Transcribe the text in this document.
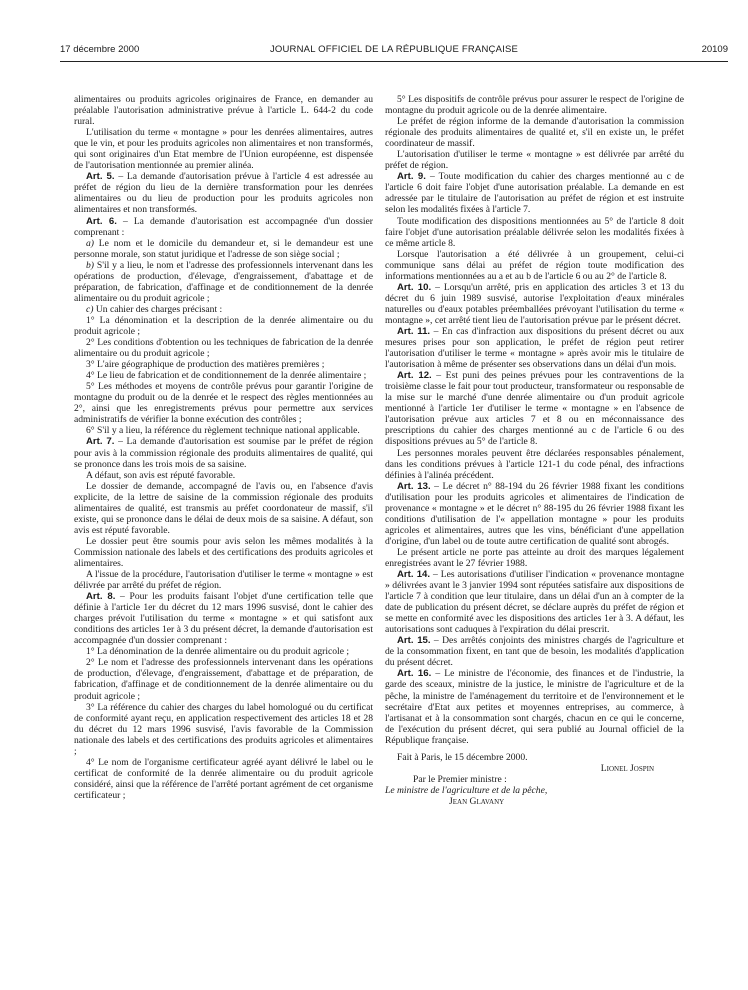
17 décembre 2000	JOURNAL OFFICIEL DE LA RÉPUBLIQUE FRANÇAISE	20109

alimentaires ou produits agricoles originaires de France, en demander au préalable l'autorisation administrative prévue à l'article L. 644-2 du code rural.

L'utilisation du terme « montagne » pour les denrées alimentaires, autres que le vin, et pour les produits agricoles non alimentaires et non transformés, qui sont originaires d'un Etat membre de l'Union européenne, est dispensée de l'autorisation mentionnée au premier alinéa.

Art. 5. – La demande d'autorisation prévue à l'article 4 est adressée au préfet de région du lieu de la dernière transformation pour les denrées alimentaires ou du lieu de production pour les produits agricoles non alimentaires et non transformés.

Art. 6. – La demande d'autorisation est accompagnée d'un dossier comprenant :

a) Le nom et le domicile du demandeur et, si le demandeur est une personne morale, son statut juridique et l'adresse de son siège social ;

b) S'il y a lieu, le nom et l'adresse des professionnels intervenant dans les opérations de production, d'élevage, d'engraissement, d'abattage et de préparation, de fabrication, d'affinage et de conditionnement de la denrée alimentaire ou du produit agricole ;

c) Un cahier des charges précisant :

1° La dénomination et la description de la denrée alimentaire ou du produit agricole ;

2° Les conditions d'obtention ou les techniques de fabrication de la denrée alimentaire ou du produit agricole ;

3° L'aire géographique de production des matières premières ;

4° Le lieu de fabrication et de conditionnement de la denrée alimentaire ;

5° Les méthodes et moyens de contrôle prévus pour garantir l'origine de montagne du produit ou de la denrée et le respect des règles mentionnées au 2°, ainsi que les enregistrements prévus pour permettre aux services administratifs de vérifier la bonne exécution des contrôles ;

6° S'il y a lieu, la référence du règlement technique national applicable.

Art. 7. – La demande d'autorisation est soumise par le préfet de région pour avis à la commission régionale des produits alimentaires de qualité, qui se prononce dans les trois mois de sa saisine.

A défaut, son avis est réputé favorable.

Le dossier de demande, accompagné de l'avis ou, en l'absence d'avis explicite, de la lettre de saisine de la commission régionale des produits alimentaires de qualité, est transmis au préfet coordonateur de massif, s'il existe, qui se prononce dans le délai de deux mois de sa saisine. A défaut, son avis est réputé favorable.

Le dossier peut être soumis pour avis selon les mêmes modalités à la Commission nationale des labels et des certifications des produits agricoles et alimentaires.

A l'issue de la procédure, l'autorisation d'utiliser le terme « montagne » est délivrée par arrêté du préfet de région.

Art. 8. – Pour les produits faisant l'objet d'une certification telle que définie à l'article 1er du décret du 12 mars 1996 susvisé, dont le cahier des charges prévoit l'utilisation du terme « montagne » et qui satisfont aux conditions des articles 1er à 3 du présent décret, la demande d'autorisation est accompagnée d'un dossier comprenant :

1° La dénomination de la denrée alimentaire ou du produit agricole ;

2° Le nom et l'adresse des professionnels intervenant dans les opérations de production, d'élevage, d'engraissement, d'abattage et de préparation, de fabrication, d'affinage et de conditionnement de la denrée alimentaire ou du produit agricole ;

3° La référence du cahier des charges du label homologué ou du certificat de conformité ayant reçu, en application respectivement des articles 18 et 28 du décret du 12 mars 1996 susvisé, l'avis favorable de la Commission nationale des labels et des certifications des produits agricoles et alimentaires ;

4° Le nom de l'organisme certificateur agréé ayant délivré le label ou le certificat de conformité de la denrée alimentaire ou du produit agricole considéré, ainsi que la référence de l'arrêté portant agrément de cet organisme certificateur ;

5° Les dispositifs de contrôle prévus pour assurer le respect de l'origine de montagne du produit agricole ou de la denrée alimentaire.

Le préfet de région informe de la demande d'autorisation la commission régionale des produits alimentaires de qualité et, s'il en existe un, le préfet coordinateur de massif.

L'autorisation d'utiliser le terme « montagne » est délivrée par arrêté du préfet de région.

Art. 9. – Toute modification du cahier des charges mentionné au c de l'article 6 doit faire l'objet d'une autorisation préalable. La demande en est adressée par le titulaire de l'autorisation au préfet de région et est instruite selon les modalités fixées à l'article 7.

Toute modification des dispositions mentionnées au 5° de l'article 8 doit faire l'objet d'une autorisation préalable délivrée selon les modalités fixées à ce même article 8.

Lorsque l'autorisation a été délivrée à un groupement, celui-ci communique sans délai au préfet de région toute modification des informations mentionnées au a et au b de l'article 6 ou au 2° de l'article 8.

Art. 10. – Lorsqu'un arrêté, pris en application des articles 3 et 13 du décret du 6 juin 1989 susvisé, autorise l'exploitation d'eaux minérales naturelles ou d'eaux potables préemballées prévoyant l'utilisation du terme « montagne », cet arrêté tient lieu de l'autorisation prévue par le présent décret.

Art. 11. – En cas d'infraction aux dispositions du présent décret ou aux mesures prises pour son application, le préfet de région peut retirer l'autorisation d'utiliser le terme « montagne » après avoir mis le titulaire de l'autorisation à même de présenter ses observations dans un délai d'un mois.

Art. 12. – Est puni des peines prévues pour les contraventions de la troisième classe le fait pour tout producteur, transformateur ou responsable de la mise sur le marché d'une denrée alimentaire ou d'un produit agricole mentionné à l'article 1er d'utiliser le terme « montagne » en l'absence de l'autorisation prévue aux articles 7 et 8 ou en méconnaissance des prescriptions du cahier des charges mentionné au c de l'article 6 ou des dispositions prévues au 5° de l'article 8.

Les personnes morales peuvent être déclarées responsables pénalement, dans les conditions prévues à l'article 121-1 du code pénal, des infractions définies à l'alinéa précédent.

Art. 13. – Le décret n° 88-194 du 26 février 1988 fixant les conditions d'utilisation pour les produits agricoles et alimentaires de l'indication de provenance « montagne » et le décret n° 88-195 du 26 février 1988 fixant les conditions d'utilisation de l'« appellation montagne » pour les produits agricoles et alimentaires, autres que les vins, bénéficiant d'une appellation d'origine, d'un label ou de toute autre certification de qualité sont abrogés.

Le présent article ne porte pas atteinte au droit des marques légalement enregistrées avant le 27 février 1988.

Art. 14. – Les autorisations d'utiliser l'indication « provenance montagne » délivrées avant le 3 janvier 1994 sont réputées satisfaire aux dispositions de l'article 7 à condition que leur titulaire, dans un délai d'un an à compter de la date de publication du présent décret, se déclare auprès du préfet de région et se mette en conformité avec les dispositions des articles 1er à 3. A défaut, les autorisations sont caduques à l'expiration du délai prescrit.

Art. 15. – Des arrêtés conjoints des ministres chargés de l'agriculture et de la consommation fixent, en tant que de besoin, les modalités d'application du présent décret.

Art. 16. – Le ministre de l'économie, des finances et de l'industrie, la garde des sceaux, ministre de la justice, le ministre de l'agriculture et de la pêche, la ministre de l'aménagement du territoire et de l'environnement et le secrétaire d'Etat aux petites et moyennes entreprises, au commerce, à l'artisanat et à la consommation sont chargés, chacun en ce qui le concerne, de l'exécution du présent décret, qui sera publié au Journal officiel de la République française.

Fait à Paris, le 15 décembre 2000.

Lionel Jospin

Par le Premier ministre :

Le ministre de l'agriculture et de la pêche,

Jean Glavany
